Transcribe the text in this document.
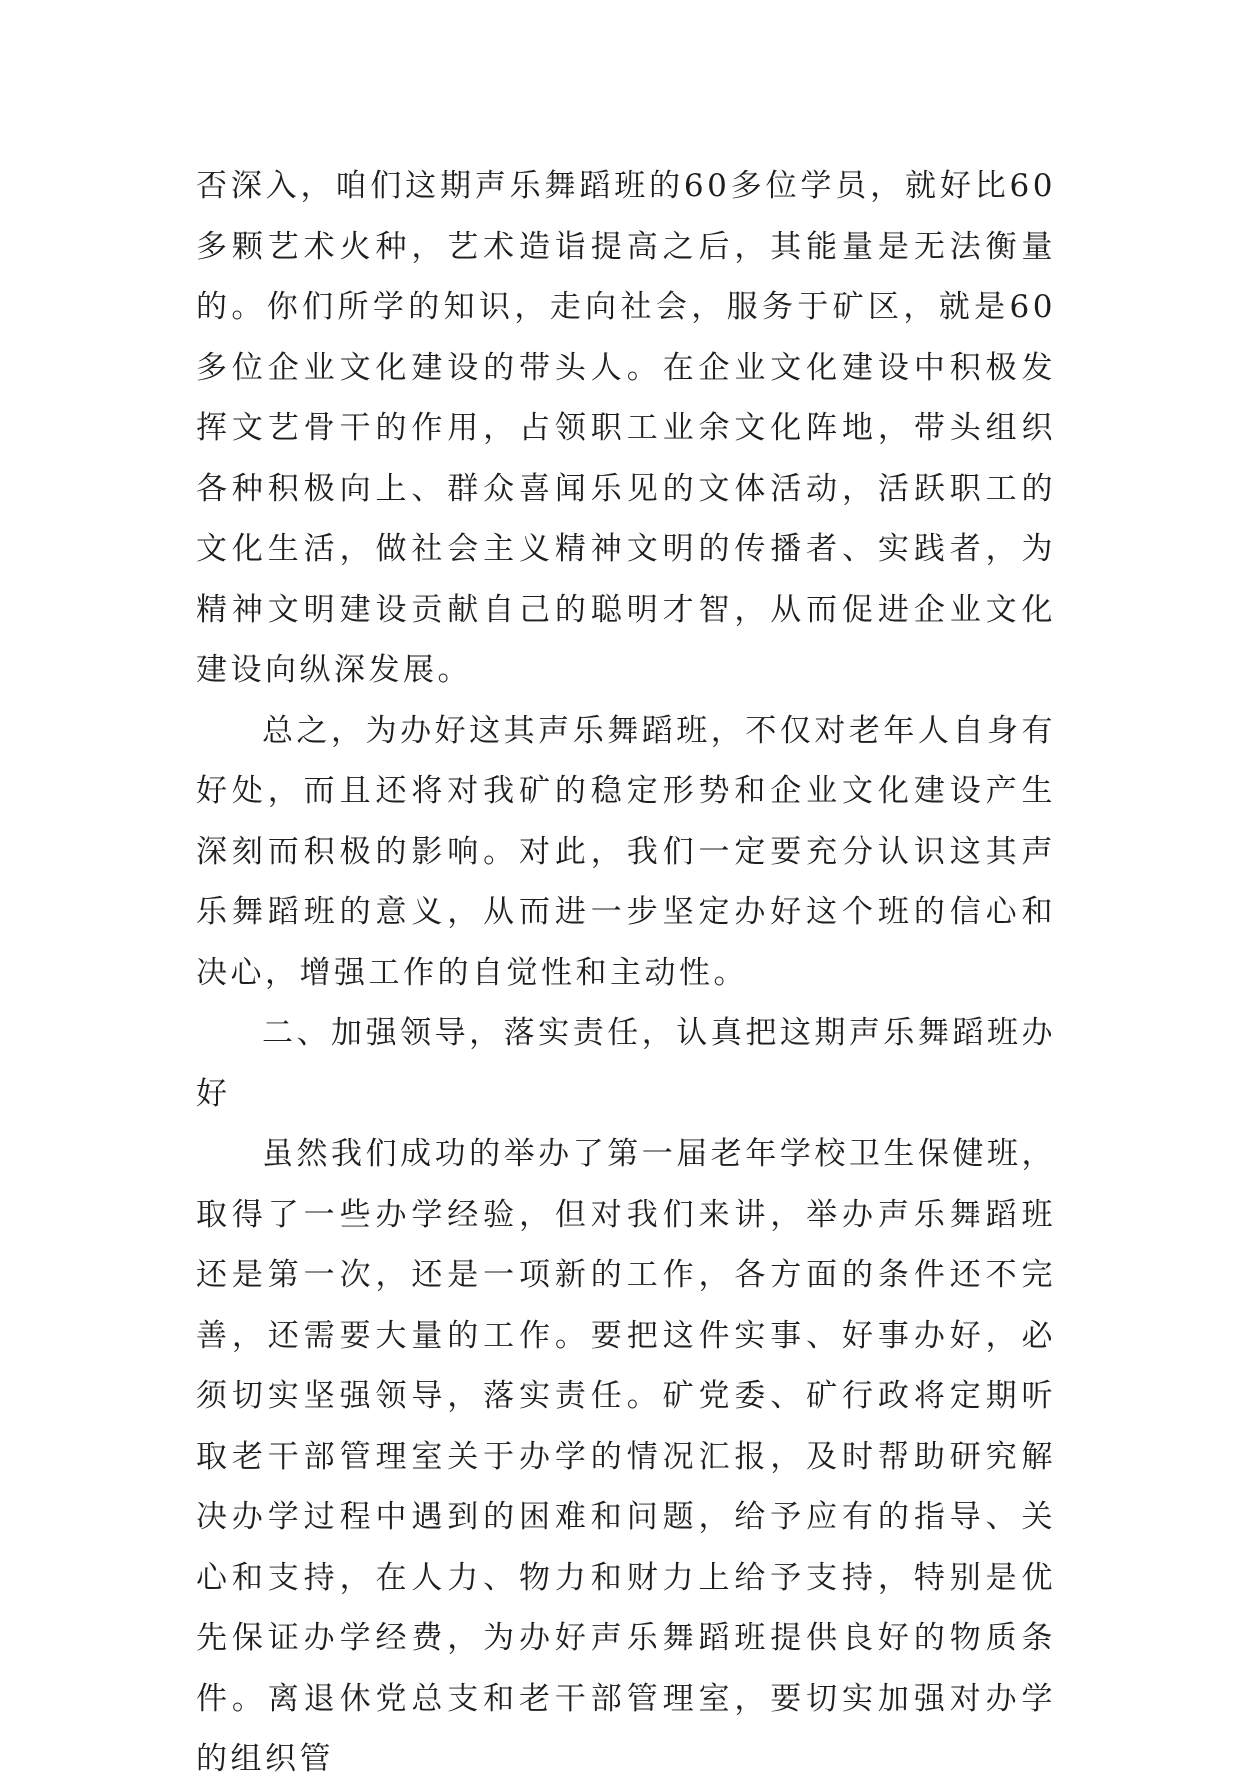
否深入，咱们这期声乐舞蹈班的60多位学员，就好比60多颗艺术火种，艺术造诣提高之后，其能量是无法衡量的。你们所学的知识，走向社会，服务于矿区，就是60多位企业文化建设的带头人。在企业文化建设中积极发挥文艺骨干的作用，占领职工业余文化阵地，带头组织各种积极向上、群众喜闻乐见的文体活动，活跃职工的文化生活，做社会主义精神文明的传播者、实践者，为精神文明建设贡献自己的聪明才智，从而促进企业文化建设向纵深发展。

总之，为办好这其声乐舞蹈班，不仅对老年人自身有好处，而且还将对我矿的稳定形势和企业文化建设产生深刻而积极的影响。对此，我们一定要充分认识这其声乐舞蹈班的意义，从而进一步坚定办好这个班的信心和决心，增强工作的自觉性和主动性。

二、加强领导，落实责任，认真把这期声乐舞蹈班办好

虽然我们成功的举办了第一届老年学校卫生保健班，取得了一些办学经验，但对我们来讲，举办声乐舞蹈班还是第一次，还是一项新的工作，各方面的条件还不完善，还需要大量的工作。要把这件实事、好事办好，必须切实坚强领导，落实责任。矿党委、矿行政将定期听取老干部管理室关于办学的情况汇报，及时帮助研究解决办学过程中遇到的困难和问题，给予应有的指导、关心和支持，在人力、物力和财力上给予支持，特别是优先保证办学经费，为办好声乐舞蹈班提供良好的物质条件。离退休党总支和老干部管理室，要切实加强对办学的组织管
